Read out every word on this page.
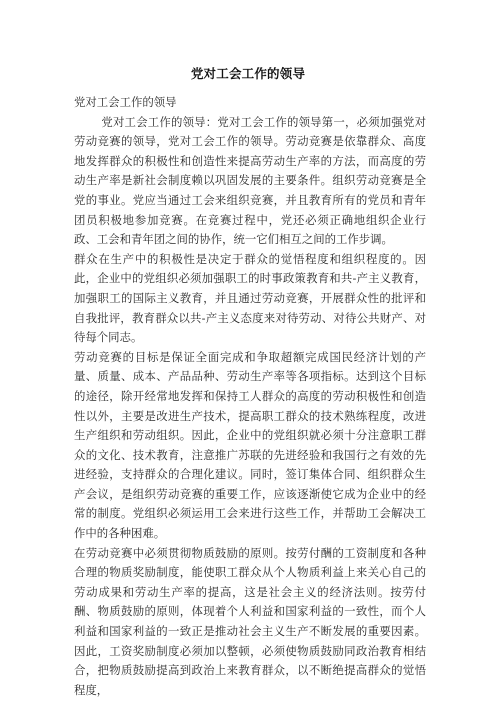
党对工会工作的领导

党对工会工作的领导

党对工会工作的领导：党对工会工作的领导第一，必须加强党对劳动竞赛的领导，党对工会工作的领导。劳动竞赛是依靠群众、高度地发挥群众的积极性和创造性来提高劳动生产率的方法，而高度的劳动生产率是新社会制度赖以巩固发展的主要条件。组织劳动竞赛是全党的事业。党应当通过工会来组织竞赛，并且教育所有的党员和青年团员积极地参加竞赛。在竞赛过程中，党还必须正确地组织企业行政、工会和青年团之间的协作，统一它们相互之间的工作步调。

群众在生产中的积极性是决定于群众的觉悟程度和组织程度的。因此，企业中的党组织必须加强职工的时事政策教育和共-产主义教育，加强职工的国际主义教育，并且通过劳动竞赛，开展群众性的批评和自我批评，教育群众以共-产主义态度来对待劳动、对待公共财产、对待每个同志。

劳动竞赛的目标是保证全面完成和争取超额完成国民经济计划的产量、质量、成本、产品品种、劳动生产率等各项指标。达到这个目标的途径，除开经常地发挥和保持工人群众的高度的劳动积极性和创造性以外，主要是改进生产技术，提高职工群众的技术熟练程度，改进生产组织和劳动组织。因此，企业中的党组织就必须十分注意职工群众的文化、技术教育，注意推广苏联的先进经验和我国行之有效的先进经验，支持群众的合理化建议。同时，签订集体合同、组织群众生产会议，是组织劳动竞赛的重要工作，应该逐渐使它成为企业中的经常的制度。党组织必须运用工会来进行这些工作，并帮助工会解决工作中的各种困难。

在劳动竞赛中必须贯彻物质鼓励的原则。按劳付酬的工资制度和各种合理的物质奖励制度，能使职工群众从个人物质利益上来关心自己的劳动成果和劳动生产率的提高，这是社会主义的经济法则。按劳付酬、物质鼓励的原则，体现着个人利益和国家利益的一致性，而个人利益和国家利益的一致正是推动社会主义生产不断发展的重要因素。因此，工资奖励制度必须加以整顿，必须使物质鼓励同政治教育相结合，把物质鼓励提高到政治上来教育群众，以不断绝提高群众的觉悟程度，
